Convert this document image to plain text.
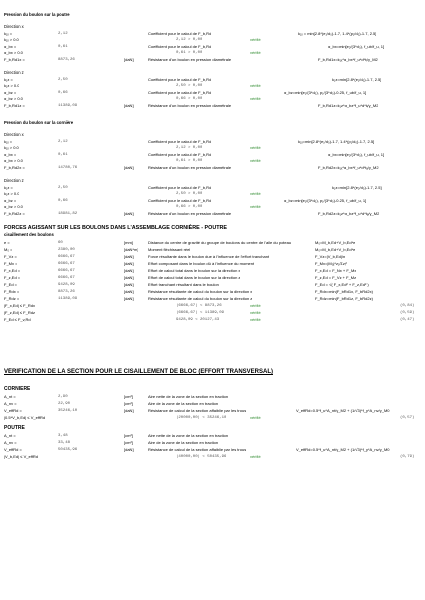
Pression du boulon sur la poutre
Direction x
k₁ₓ =	2,12	Coefficient pour le calcul de F_b,Rd	k₁ₓ = min[2.8*(e₁/d₀)-1.7, 1.4*(p₁/d₀)-1.7, 2.5]
k₁ₓ > 0.0	2,12 > 0,00	vérifié
α_bx =	0,61	Coefficient pour le calcul de F_b,Rd	α_bx=min[e₂/(3*d₀), f_ub/f_u, 1]
α_bx > 0.0	0,61 > 0,00	vérifié
F_b,Rd1x =	8873,26	[daN]	Résistance d'un boulon en pression diamétrale	F_b,Rd1x=k₁ₓ*α_bx*f_u*d*tᵢ/γ_M2
Direction z
k₁z =	2,50	Coefficient pour le calcul de F_b,Rd	k₁z=min[2.8*(e₁/d₀)-1.7, 2.5]
k₁z > 0.0	2,50 > 0,00	vérifié
α_bz =	0,66	Coefficient pour le calcul de F_b,Rd	α_bz=min[e₁/(3*d₀), p₁/(3*d₀)-0.25, f_ub/f_u, 1]
α_bz > 0.0	0,66 > 0,00	vérifié
F_b,Rd1z =	11389,09	[daN]	Résistance d'un boulon en pression diamétrale	F_b,Rd1z=k₁z*α_bz*f_u*d*tᵢ/γ_M2
Pression du boulon sur la cornière
Direction x
k₁ₓ =	2,12	Coefficient pour le calcul de F_b,Rd	k₁ₓ=min[2.8*(e₁/d₀)-1.7, 1.4*(p₁/d₀)-1.7, 2.5]
k₁ₓ > 0.0	2,12 > 0,00	vérifié
α_bx =	0,61	Coefficient pour le calcul de F_b,Rd	α_bx=min[e₂/(3*d₀), f_ub/f_u, 1]
α_bx > 0.0	0,61 > 0,00	vérifié
F_b,Rd2x =	14780,76	[daN]	Résistance d'un boulon en pression diamétrale	F_b,Rd2x=k₁ₓ*α_bx*f_u*d*tₐ/γ_M2
Direction z
k₁z =	2,50	Coefficient pour le calcul de F_b,Rd	k₁z=min[2.8*(e₂/d₀)-1.7, 2.5]
k₁z > 0.0	2,50 > 0,00	vérifié
α_bz =	0,66	Coefficient pour le calcul de F_b,Rd	α_bz=min[e₁/(3*d₀), p₁/(3*d₀)-0.25, f_ub/f_u, 1]
α_bz > 0.0	0,66 > 0,00	vérifié
F_b,Rd2z =	18981,82	[daN]	Résistance d'un boulon en pression diamétrale	F_b,Rd2z=k₁z*α_bz*f_u*d*tₐ/γ_M2
FORCES AGISSANT SUR LES BOULONS DANS L'ASSEMBLAGE CORNIÈRE - POUTRE
cisaillement des boulons
e =	60	[mm]	Distance du centre de gravité du groupe de boulons du centre de l'aile du poteau	M₀=M_b,Ed+V_b,Ed*e
M₀ =	2380,00	[daN*m] Moment fléchissant réel	M₀=M_b,Ed+V_b,Ed*e
F_Vz =	6666,67	[daN]	Force résultante dans le boulon due à l'influence de l'effort tranchant	F_Vz=|V_b,Ed|/n
F_Mx =	6666,67	[daN]	Effort composant dans le boulon dû à l'influence du moment	F_Mx=|M₀|*z₁/Σzᵢ²
F_x,Ed =	6666,67	[daN]	Effort de calcul total dans le boulon sur la direction x	F_x,Ed = F_Nx + F_Mx
F_z,Ed =	6666,67	[daN]	Effort de calcul total dans le boulon sur la direction z	F_z,Ed = F_Vz + F_Mz
F_Ed =	9428,09	[daN]	Effort tranchant résultant dans le boulon	F_Ed = √( F_x,Ed² + F_z,Ed² )
F_Rdx =	8873,26	[daN]	Résistance résultante de calcul du boulon sur la direction x	F_Rdx=min(F_bRd1x, F_bRd2x)
F_Rdz =	11389,09	[daN]	Résistance résultante de calcul du boulon sur la direction z	F_Rdz=min(F_bRd1z, F_bRd2z)
|F_x,Ed| ≤ F_Rdx	|6666,67| < 8873,26	vérifié	(0,84)
|F_z,Ed| ≤ F_Rdz	|6666,67| < 11389,09	vérifié	(0,59)
F_Ed ≤ F_v,Rd	9428,09 < 20127,43	vérifié	(0,47)
VÉRIFICATION DE LA SECTION POUR LE CISAILLEMENT DE BLOC (EFFORT TRANSVERSAL)
CORNIÈRE
A_nt =	2,90	[cm²]	Aire nette de la zone de la section en traction
A_nv =	22,90	[cm²]	Aire de la zone de la section en traction
V_effRd =	35246,10	[daN]	Résistance de calcul de la section affaiblie par les trous	V_effRd=0.5*f_u*A_nt/γ_M2 + (1/√3)*f_y*A_nv/γ_M0
|0.5*V_b,Ed| ≤ V_effRd	|20000,00| < 35246,10	vérifié	(0,57)
POUTRE
A_nt =	3,48	[cm²]	Aire nette de la zone de la section en traction
A_nv =	33,48	[cm²]	Aire de la zone de la section en traction
V_effRd =	50435,96	[daN]	Résistance de calcul de la section affaiblie par les trous	V_effRd=0.5*f_u*A_nt/γ_M2 + (1/√3)*f_y*A_nv/γ_M0
|V_b,Ed| ≤ V_effRd	|40000,00| < 50435,96	vérifié	(0,79)
